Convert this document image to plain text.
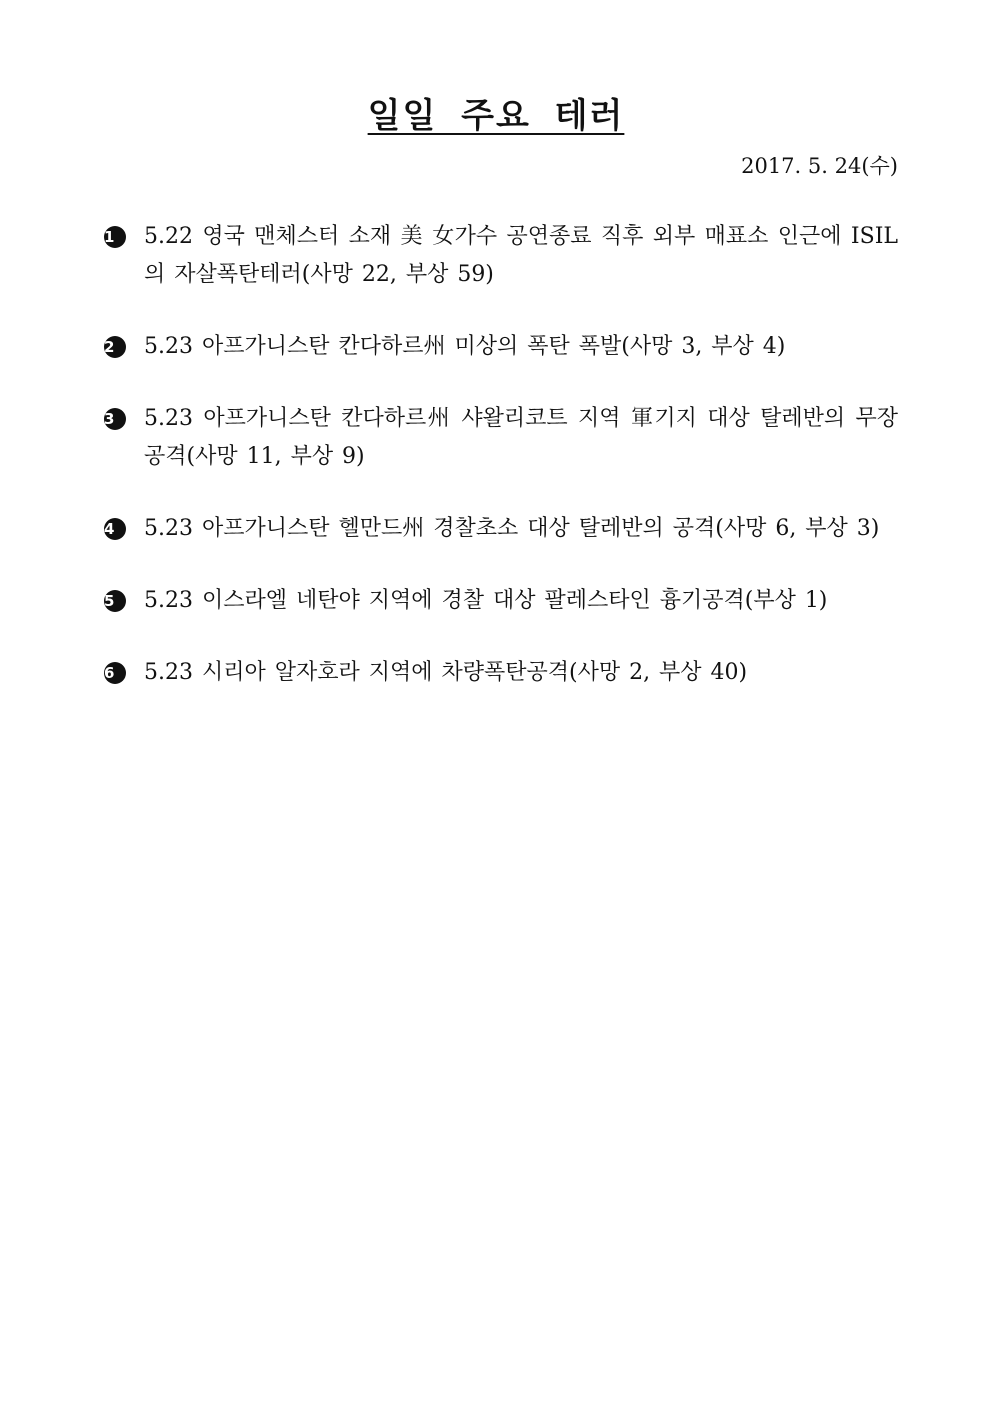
일일 주요 테러
2017. 5. 24(수)
1	5.22 영국 맨체스터 소재 美 女가수 공연종료 직후 외부 매표소 인근에 ISIL의 자살폭탄테러(사망 22, 부상 59)
2	5.23 아프가니스탄 칸다하르州 미상의 폭탄 폭발(사망 3, 부상 4)
3	5.23 아프가니스탄 칸다하르州 샤왈리코트 지역 軍기지 대상 탈레반의 무장공격(사망 11, 부상 9)
4	5.23 아프가니스탄 헬만드州 경찰초소 대상 탈레반의 공격(사망 6, 부상 3)
5	5.23 이스라엘 네탄야 지역에 경찰 대상 팔레스타인 흉기공격(부상 1)
6	5.23 시리아 알자호라 지역에 차량폭탄공격(사망 2, 부상 40)
